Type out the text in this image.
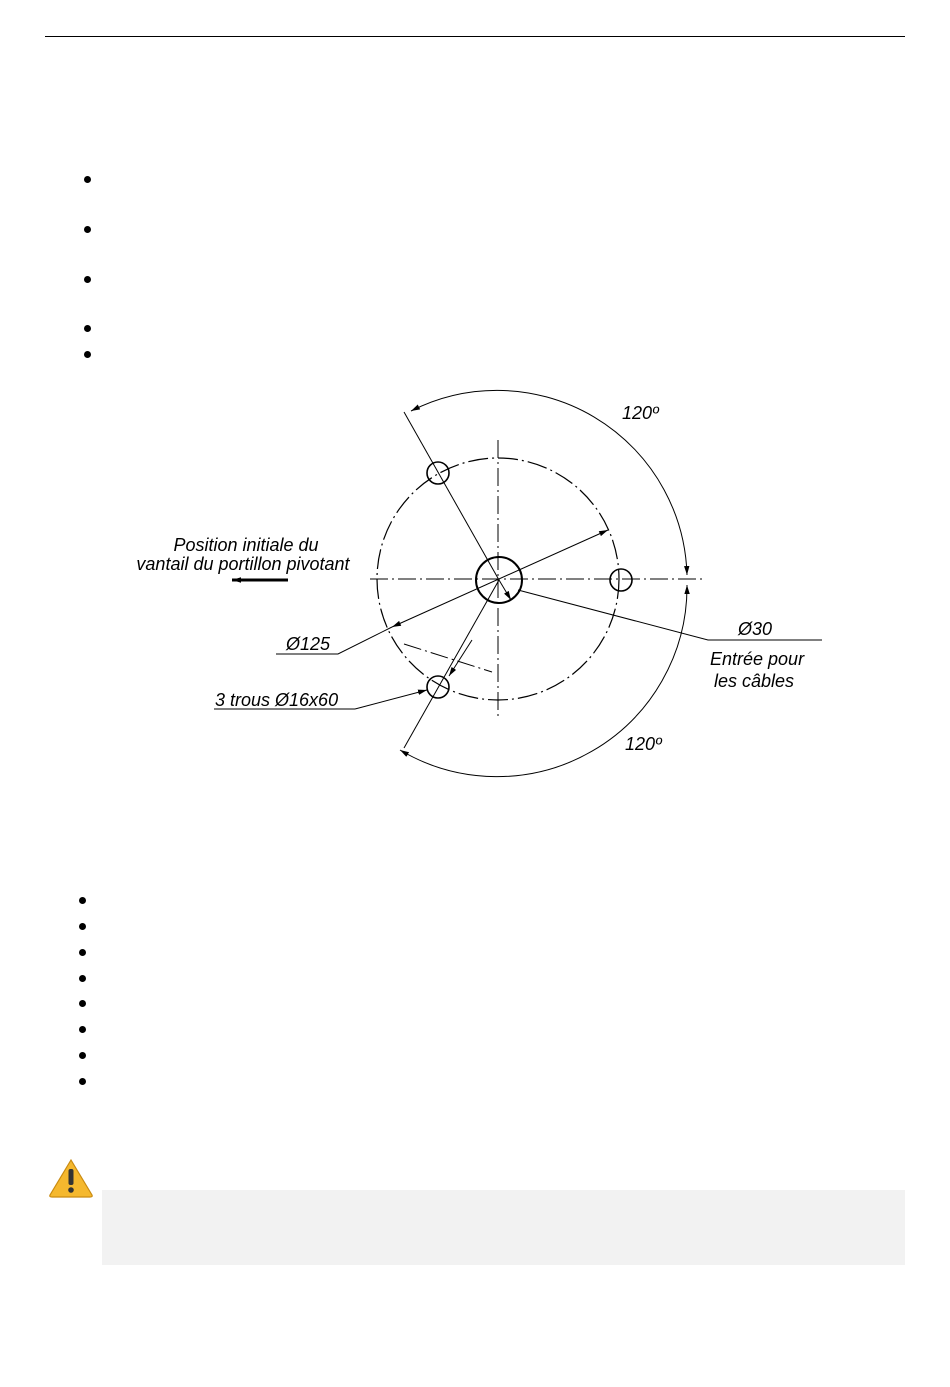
120º
120º
Position initiale du
vantail du portillon pivotant
Ø125
Ø30
Entrée pour
les câbles
3 trous Ø16x60
